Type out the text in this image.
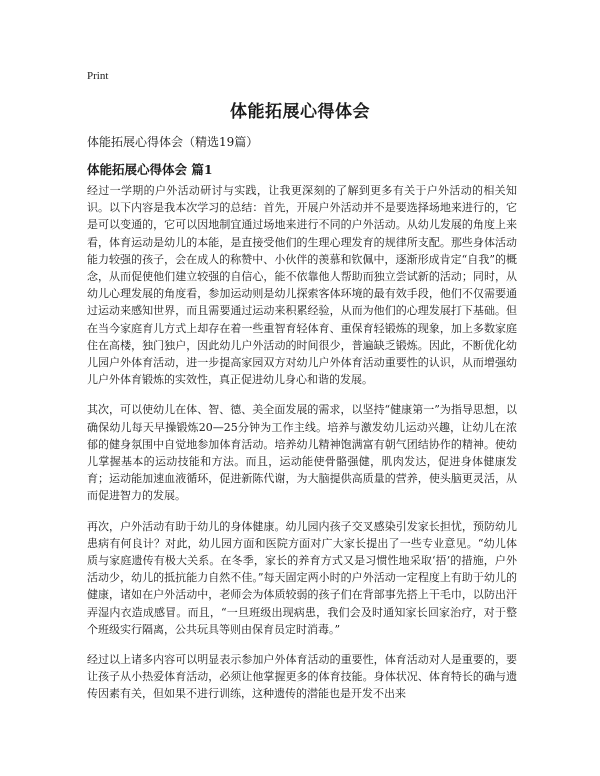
Print
体能拓展心得体会
体能拓展心得体会（精选19篇）
体能拓展心得体会 篇1

经过一学期的户外活动研讨与实践，让我更深刻的了解到更多有关于户外活动的相关知识。以下内容是我本次学习的总结：首先，开展户外活动并不是要选择场地来进行的，它是可以变通的，它可以因地制宜通过场地来进行不同的户外活动。从幼儿发展的角度上来看，体育运动是幼儿的本能，是直接受他们的生理心理发育的规律所支配。那些身体活动能力较强的孩子，会在成人的称赞中、小伙伴的羡慕和钦佩中，逐渐形成肯定“自我”的概念，从而促使他们建立较强的自信心，能不依靠他人帮助而独立尝试新的活动；同时，从幼儿心理发展的角度看，参加运动则是幼儿探索客体环境的最有效手段，他们不仅需要通过运动来感知世界，而且需要通过运动来积累经验，从而为他们的心理发展打下基础。但在当今家庭育儿方式上却存在着一些重智育轻体育、重保育轻锻炼的现象，加上多数家庭住在高楼，独门独户，因此幼儿户外活动的时间很少，普遍缺乏锻炼。因此，不断优化幼儿园户外体育活动，进一步提高家园双方对幼儿户外体育活动重要性的认识，从而增强幼儿户外体育锻炼的实效性，真正促进幼儿身心和谐的发展。

其次，可以使幼儿在体、智、德、美全面发展的需求，以坚持“健康第一”为指导思想，以确保幼儿每天早操锻炼20—25分钟为工作主线。培养与激发幼儿运动兴趣，让幼儿在浓郁的健身氛围中自觉地参加体育活动。培养幼儿精神饱满富有朝气团结协作的精神。使幼儿掌握基本的运动技能和方法。而且，运动能使骨骼强健，肌肉发达，促进身体健康发育；运动能加速血液循环，促进新陈代谢，为大脑提供高质量的营养，使头脑更灵活，从而促进智力的发展。

再次，户外活动有助于幼儿的身体健康。幼儿园内孩子交叉感染引发家长担忧，预防幼儿患病有何良计？对此，幼儿园方面和医院方面对广大家长提出了一些专业意见。“幼儿体质与家庭遗传有极大关系。在冬季，家长的养育方式又是习惯性地采取‘捂’的措施，户外活动少，幼儿的抵抗能力自然不佳。”每天固定两小时的户外活动一定程度上有助于幼儿的健康，诸如在户外活动中，老师会为体质较弱的孩子们在背部事先搭上干毛巾，以防出汗弄湿内衣造成感冒。而且，“一旦班级出现病患，我们会及时通知家长回家治疗，对于整个班级实行隔离，公共玩具等则由保育员定时消毒。”

经过以上诸多内容可以明显表示参加户外体育活动的重要性，体育活动对人是重要的，要让孩子从小热爱体育活动，必须让他掌握更多的体育技能。身体状况、体育特长的确与遗传因素有关，但如果不进行训练，这种遗传的潜能也是开发不出来
